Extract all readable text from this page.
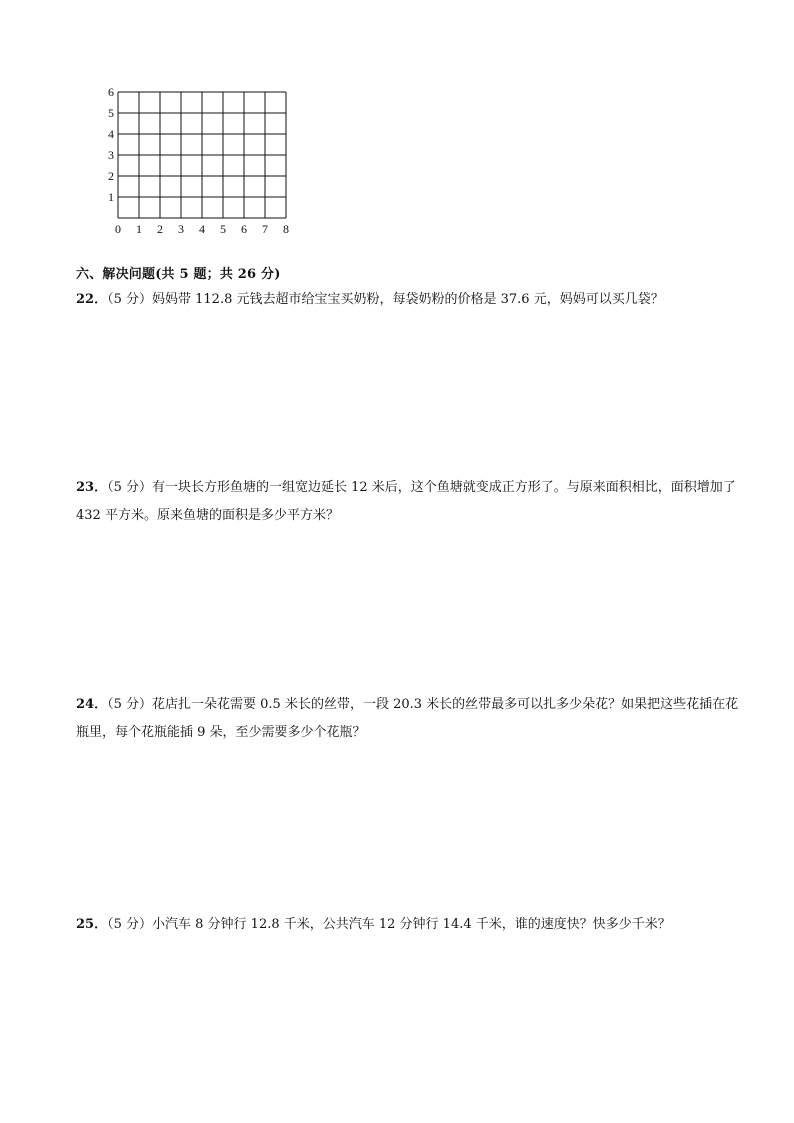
0 1 2 3 4 5 6 7 8
1
2
3
4
5
6
六、解决问题(共 5 题；共 26 分)
22．（5 分）妈妈带 112.8 元钱去超市给宝宝买奶粉，每袋奶粉的价格是 37.6 元，妈妈可以买几袋？
23．（5 分）有一块长方形鱼塘的一组宽边延长 12 米后，这个鱼塘就变成正方形了。与原来面积相比，面积增加了 432 平方米。原来鱼塘的面积是多少平方米？
24．（5 分）花店扎一朵花需要 0.5 米长的丝带，一段 20.3 米长的丝带最多可以扎多少朵花？如果把这些花插在花瓶里，每个花瓶能插 9 朵，至少需要多少个花瓶？
25．（5 分）小汽车 8 分钟行 12.8 千米，公共汽车 12 分钟行 14.4 千米，谁的速度快？快多少千米？
